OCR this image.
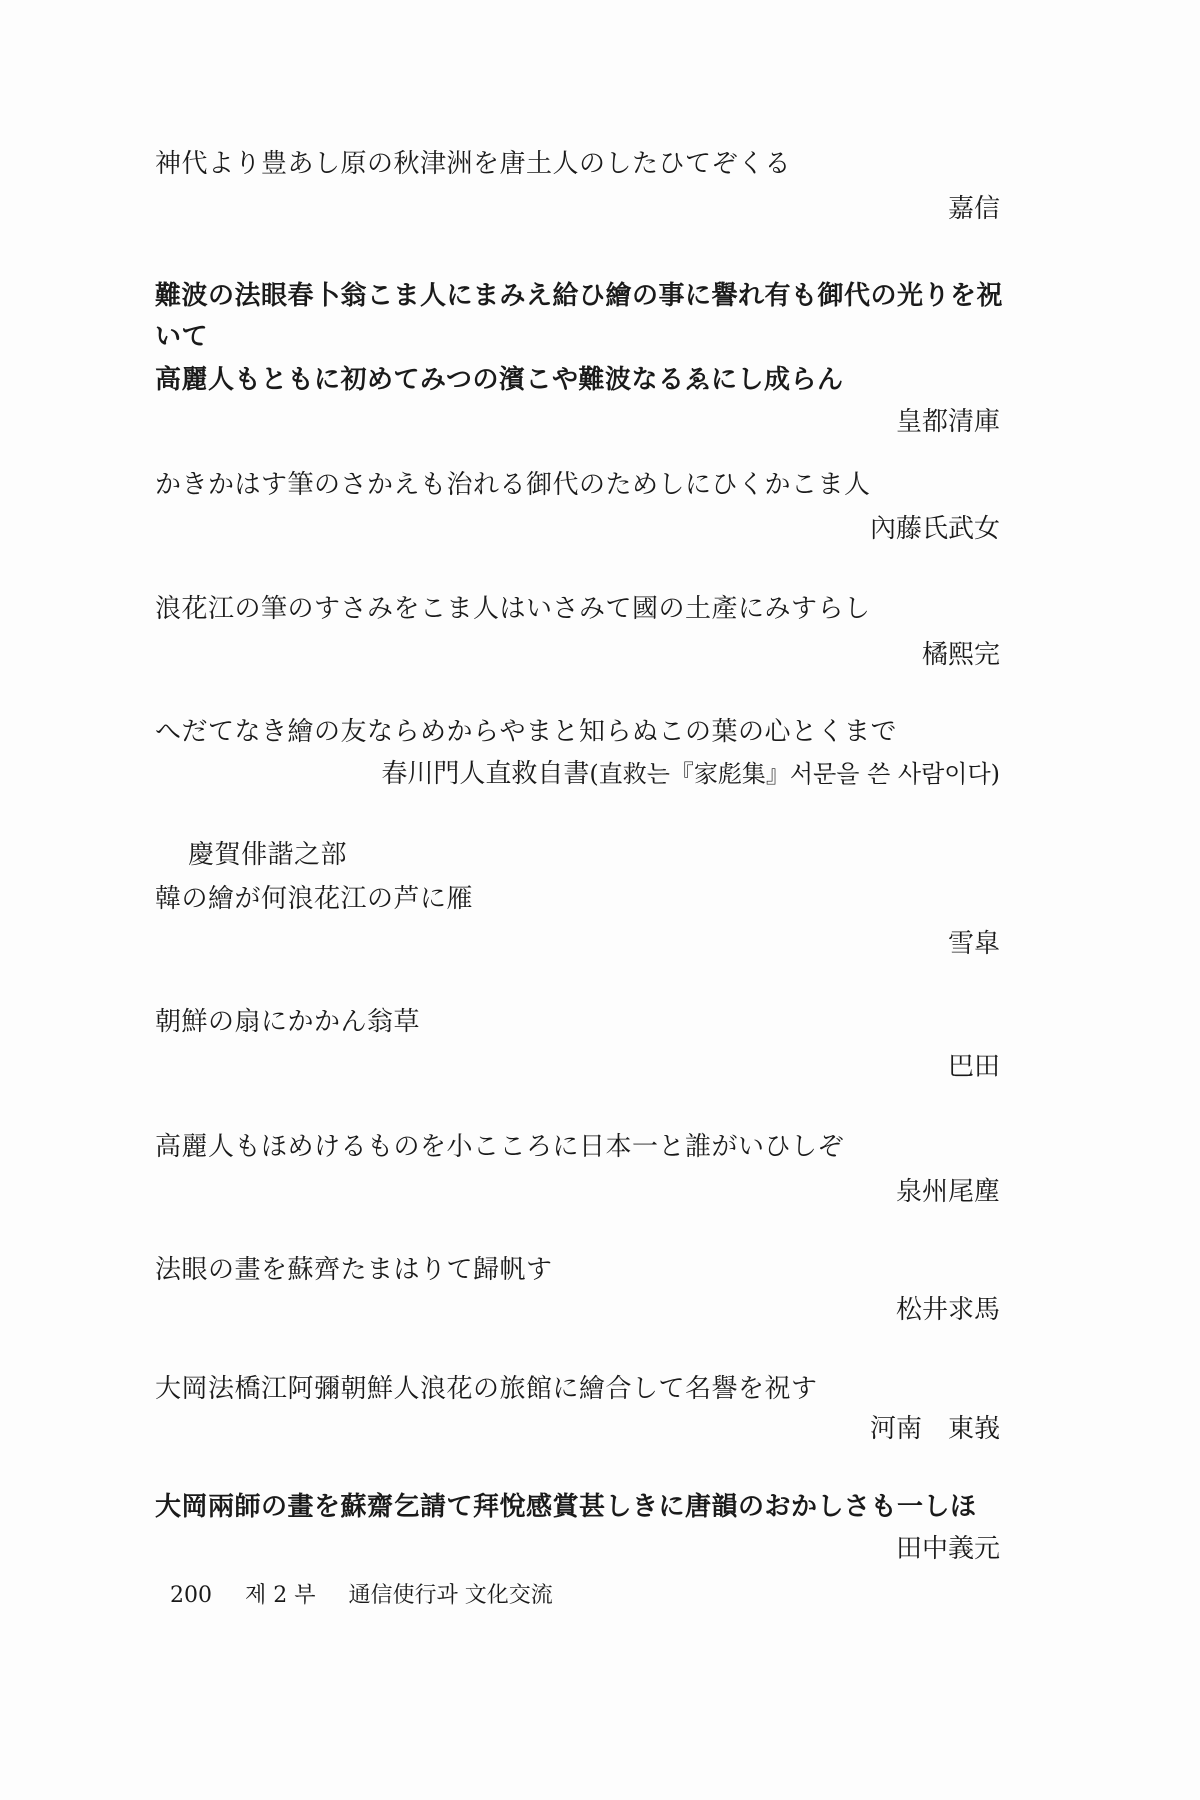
神代より豊あし原の秋津洲を唐土人のしたひてぞくる

嘉信

難波の法眼春卜翁こま人にまみえ給ひ繪の事に譽れ有も御代の光りを祝

いて

高麗人もともに初めてみつの濱こや難波なるゑにし成らん

皇都清庫

かきかはす筆のさかえも治れる御代のためしにひくかこま人

內藤氏武女

浪花江の筆のすさみをこま人はいさみて國の土產にみすらし

橘熙完

へだてなき繪の友ならめからやまと知らぬこの葉の心とくまで

春川門人直救自書(直救는『家彪集』서문을 쓴 사람이다)

慶賀俳諧之部

韓の繪が何浪花江の芦に雁

雪皐

朝鮮の扇にかかん翁草

巴田

高麗人もほめけるものを小こころに日本一と誰がいひしぞ

泉州尾塵

法眼の畫を蘇齊たまはりて歸帆す

松井求馬

大岡法橋江阿彌朝鮮人浪花の旅館に繪合して名譽を祝す

河南　東峩

大岡兩師の畫を蘇齋乞請て拜悅感賞甚しきに唐韻のおかしさも一しほ

田中義元

200 제 2 부 通信使行과 文化交流
